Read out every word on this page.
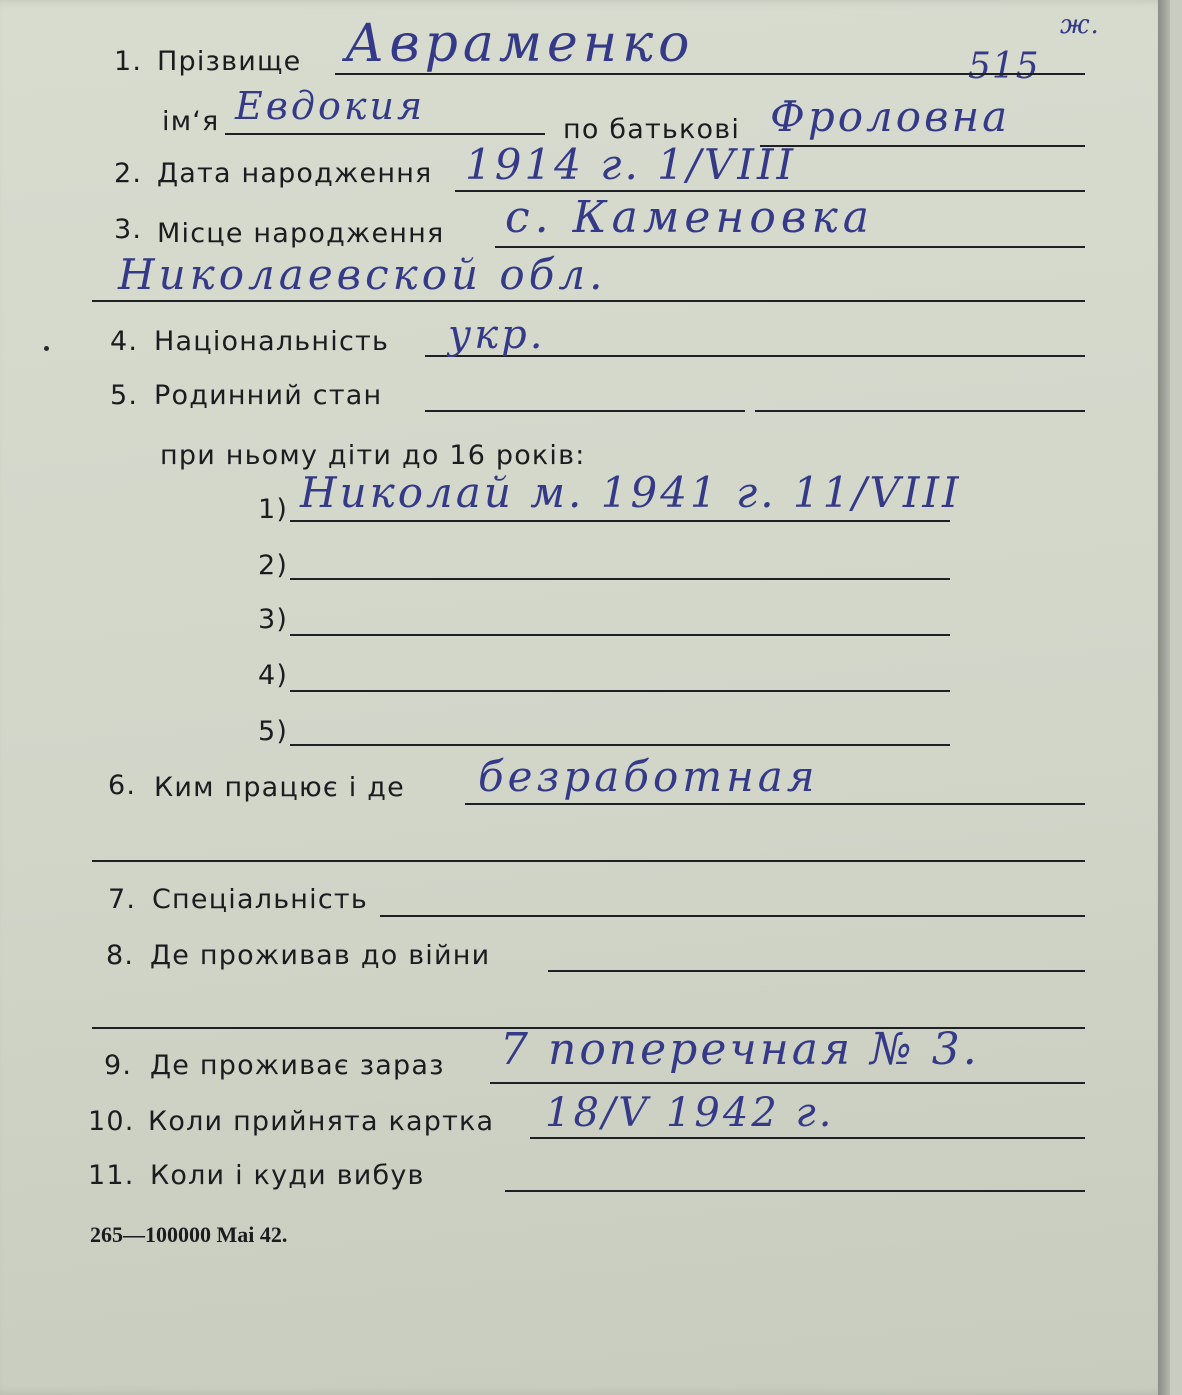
515
ж.
1. Прізвище Авраменко
ім‘я Евдокия
по батькові Фроловна
2. Дата народження 1914 г. 1/VIII
3. Місце народження с. Каменовка
Николаевской обл.
4. Національність укр.
5. Родинний стан
при ньому діти до 16 років:
1) Николай м. 1941 г. 11/VIII
2)
3)
4)
5)
6. Ким працює і де безработная
7. Спеціальність
8. Де проживав до війни
9. Де проживає зараз 7 поперечная № 3.
10. Коли прийнята картка 18/V 1942 г.
11. Коли і куди вибув
265—100000 Маі 42.
